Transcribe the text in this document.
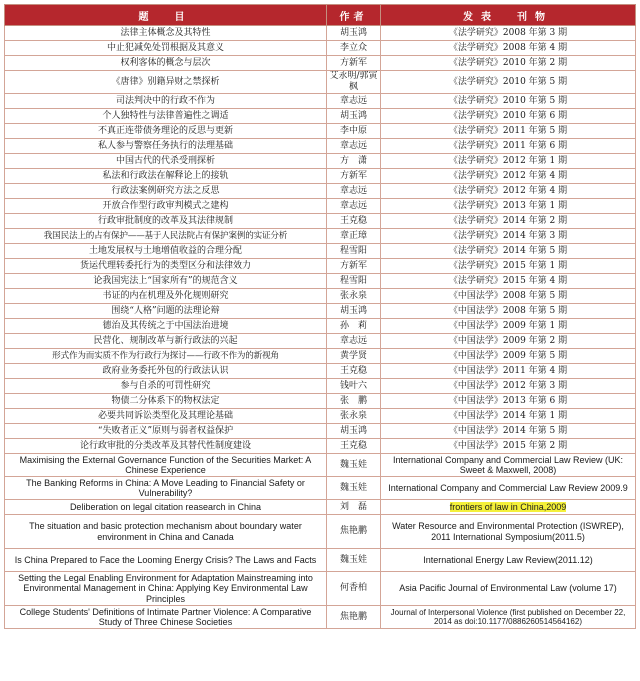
题　目	作者	发表　刊物
法律主体概念及其特性	胡玉鸿	《法学研究》2008 年第 3 期
中止犯减免处罚根据及其意义	李立众	《法学研究》2008 年第 4 期
权利客体的概念与层次	方新军	《法学研究》2010 年第 2 期
《唐律》别籍异财之禁探析	艾永明/郭寅枫	《法学研究》2010 年第 5 期
司法判决中的行政不作为	章志远	《法学研究》2010 年第 5 期
个人独特性与法律普遍性之调适	胡玉鸿	《法学研究》2010 年第 6 期
不真正连带债务理论的反思与更新	李中原	《法学研究》2011 年第 5 期
私人参与警察任务执行的法理基础	章志远	《法学研究》2011 年第 6 期
中国古代的代杀受刑探析	方　潇	《法学研究》2012 年第 1 期
私法和行政法在解释论上的接轨	方新军	《法学研究》2012 年第 4 期
行政法案例研究方法之反思	章志远	《法学研究》2012 年第 4 期
开放合作型行政审判模式之建构	章志远	《法学研究》2013 年第 1 期
行政审批制度的改革及其法律规制	王克稳	《法学研究》2014 年第 2 期
我国民法上的占有保护——基于人民法院占有保护案例的实证分析	章正璋	《法学研究》2014 年第 3 期
土地发展权与土地增值收益的合理分配	程雪阳	《法学研究》2014 年第 5 期
货运代理转委托行为的类型区分和法律效力	方新军	《法学研究》2015 年第 1 期
论我国宪法上“国家所有”的规范含义	程雪阳	《法学研究》2015 年第 4 期
书证的内在机理及外化规则研究	张永泉	《中国法学》2008 年第 5 期
围绕“人格”问题的法理论辩	胡玉鸿	《中国法学》2008 年第 5 期
德治及其传统之于中国法治进境	孙　莉	《中国法学》2009 年第 1 期
民营化、规制改革与新行政法的兴起	章志远	《中国法学》2009 年第 2 期
形式作为而实质不作为行政行为探讨——行政不作为的新视角	黄学贤	《中国法学》2009 年第 5 期
政府业务委托外包的行政法认识	王克稳	《中国法学》2011 年第 4 期
参与自杀的可罚性研究	钱叶六	《中国法学》2012 年第 3 期
物债二分体系下的物权法定	张　鹏	《中国法学》2013 年第 6 期
必要共同诉讼类型化及其理论基础	张永泉	《中国法学》2014 年第 1 期
“失败者正义”原则与弱者权益保护	胡玉鸿	《中国法学》2014 年第 5 期
论行政审批的分类改革及其替代性制度建设	王克稳	《中国法学》2015 年第 2 期
Maximising the External Governance Function of the Securities Market: A Chinese Experience	魏玉娃	International Company and Commercial Law Review (UK: Sweet & Maxwell, 2008)
The Banking Reforms in China: A Move Leading to Financial Safety or Vulnerability?	魏玉娃	International Company and Commercial Law Review 2009.9
Deliberation on legal citation reasearch in China	刘　磊	frontiers of law in China,2009
The situation and basic protection mechanism about boundary water environment in China and Canada	焦艳鹏	Water Resource and Environmental Protection (ISWREP), 2011 International Symposium(2011.5)
Is China Prepared to Face the Looming Energy Crisis? The Laws and Facts	魏玉娃	International Energy Law Review(2011.12)
Setting the Legal Enabling Environment for Adaptation Mainstreaming into Environmental Management in China: Applying Key Environmental Law Principles	何香柏	Asia Pacific Journal of Environmental Law (volume 17)
College Students' Definitions of Intimate Partner Violence: A Comparative Study of Three Chinese Societies	焦艳鹏	Journal of Interpersonal Violence (first published on December 22, 2014 as doi:10.1177/0886260514564162)
